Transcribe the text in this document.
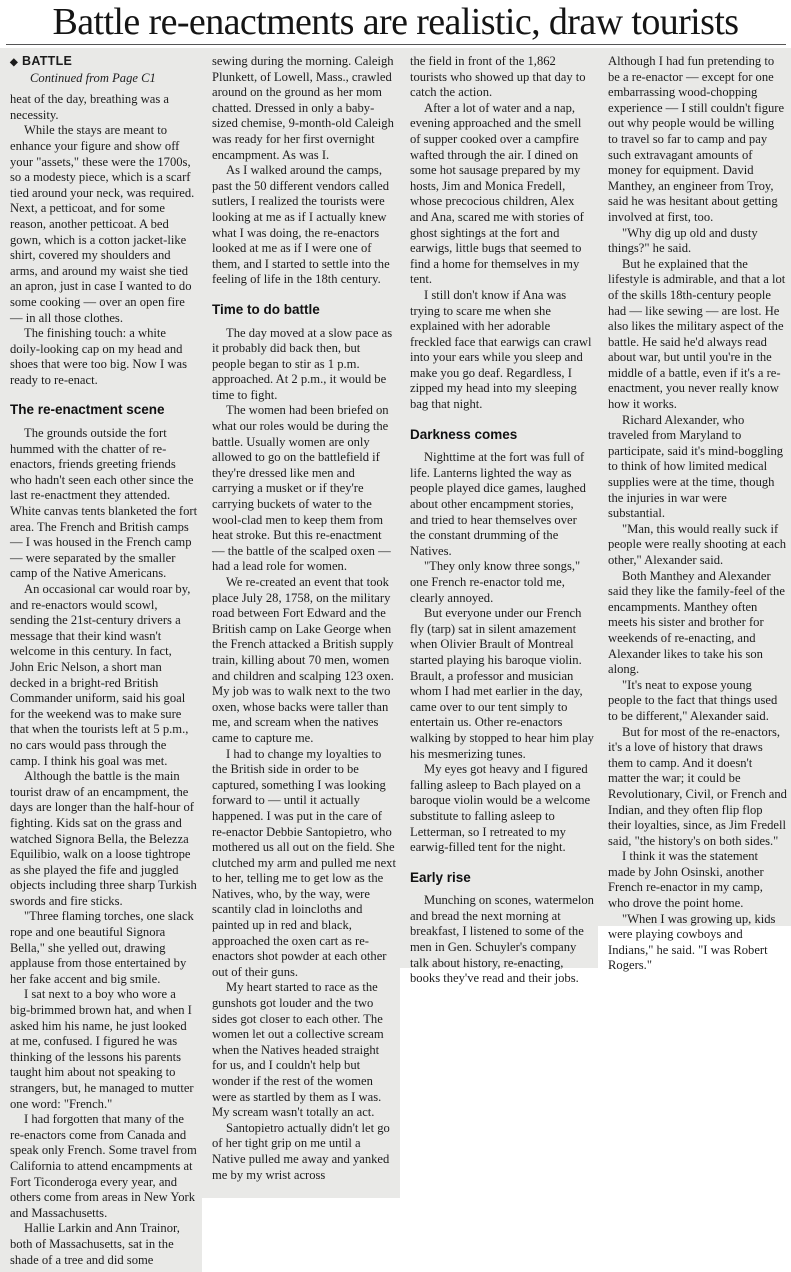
Battle re-enactments are realistic, draw tourists
◆ BATTLE
Continued from Page C1

heat of the day, breathing was a necessity.

While the stays are meant to enhance your figure and show off your "assets," these were the 1700s, so a modesty piece, which is a scarf tied around your neck, was required. Next, a petticoat, and for some reason, another petticoat. A bed gown, which is a cotton jacket-like shirt, covered my shoulders and arms, and around my waist she tied an apron, just in case I wanted to do some cooking — over an open fire — in all those clothes.

The finishing touch: a white doily-looking cap on my head and shoes that were too big. Now I was ready to re-enact.

The re-enactment scene

The grounds outside the fort hummed with the chatter of re-enactors, friends greeting friends who hadn't seen each other since the last re-enactment they attended. White canvas tents blanketed the fort area. The French and British camps — I was housed in the French camp — were separated by the smaller camp of the Native Americans.

An occasional car would roar by, and re-enactors would scowl, sending the 21st-century drivers a message that their kind wasn't welcome in this century. In fact, John Eric Nelson, a short man decked in a bright-red British Commander uniform, said his goal for the weekend was to make sure that when the tourists left at 5 p.m., no cars would pass through the camp. I think his goal was met.

Although the battle is the main tourist draw of an encampment, the days are longer than the half-hour of fighting. Kids sat on the grass and watched Signora Bella, the Belezza Equilibio, walk on a loose tightrope as she played the fife and juggled objects including three sharp Turkish swords and fire sticks.

"Three flaming torches, one slack rope and one beautiful Signora Bella," she yelled out, drawing applause from those entertained by her fake accent and big smile.

I sat next to a boy who wore a big-brimmed brown hat, and when I asked him his name, he just looked at me, confused. I figured he was thinking of the lessons his parents taught him about not speaking to strangers, but, he managed to mutter one word: "French."

I had forgotten that many of the re-enactors come from Canada and speak only French. Some travel from California to attend encampments at Fort Ticonderoga every year, and others come from areas in New York and Massachusetts.

Hallie Larkin and Ann Trainor, both of Massachusetts, sat in the shade of a tree and did some

sewing during the morning. Caleigh Plunkett, of Lowell, Mass., crawled around on the ground as her mom chatted. Dressed in only a baby-sized chemise, 9-month-old Caleigh was ready for her first overnight encampment. As was I.

As I walked around the camps, past the 50 different vendors called sutlers, I realized the tourists were looking at me as if I actually knew what I was doing, the re-enactors looked at me as if I were one of them, and I started to settle into the feeling of life in the 18th century.

Time to do battle

The day moved at a slow pace as it probably did back then, but people began to stir as 1 p.m. approached. At 2 p.m., it would be time to fight.

The women had been briefed on what our roles would be during the battle. Usually women are only allowed to go on the battlefield if they're dressed like men and carrying a musket or if they're carrying buckets of water to the wool-clad men to keep them from heat stroke. But this re-enactment — the battle of the scalped oxen — had a lead role for women.

We re-created an event that took place July 28, 1758, on the military road between Fort Edward and the British camp on Lake George when the French attacked a British supply train, killing about 70 men, women and children and scalping 123 oxen. My job was to walk next to the two oxen, whose backs were taller than me, and scream when the natives came to capture me.

I had to change my loyalties to the British side in order to be captured, something I was looking forward to — until it actually happened. I was put in the care of re-enactor Debbie Santopietro, who mothered us all out on the field. She clutched my arm and pulled me next to her, telling me to get low as the Natives, who, by the way, were scantily clad in loincloths and painted up in red and black, approached the oxen cart as re-enactors shot powder at each other out of their guns.

My heart started to race as the gunshots got louder and the two sides got closer to each other. The women let out a collective scream when the Natives headed straight for us, and I couldn't help but wonder if the rest of the women were as startled by them as I was. My scream wasn't totally an act.

Santopietro actually didn't let go of her tight grip on me until a Native pulled me away and yanked me by my wrist across

the field in front of the 1,862 tourists who showed up that day to catch the action.

After a lot of water and a nap, evening approached and the smell of supper cooked over a campfire wafted through the air. I dined on some hot sausage prepared by my hosts, Jim and Monica Fredell, whose precocious children, Alex and Ana, scared me with stories of ghost sightings at the fort and earwigs, little bugs that seemed to find a home for themselves in my tent.

I still don't know if Ana was trying to scare me when she explained with her adorable freckled face that earwigs can crawl into your ears while you sleep and make you go deaf. Regardless, I zipped my head into my sleeping bag that night.

Darkness comes

Nighttime at the fort was full of life. Lanterns lighted the way as people played dice games, laughed about other encampment stories, and tried to hear themselves over the constant drumming of the Natives.

"They only know three songs," one French re-enactor told me, clearly annoyed.

But everyone under our French fly (tarp) sat in silent amazement when Olivier Brault of Montreal started playing his baroque violin. Brault, a professor and musician whom I had met earlier in the day, came over to our tent simply to entertain us. Other re-enactors walking by stopped to hear him play his mesmerizing tunes.

My eyes got heavy and I figured falling asleep to Bach played on a baroque violin would be a welcome substitute to falling asleep to Letterman, so I retreated to my earwig-filled tent for the night.

Early rise

Munching on scones, watermelon and bread the next morning at breakfast, I listened to some of the men in Gen. Schuyler's company talk about history, re-enacting, books they've read and their jobs.

Although I had fun pretending to be a re-enactor — except for one embarrassing wood-chopping experience — I still couldn't figure out why people would be willing to travel so far to camp and pay such extravagant amounts of money for equipment. David Manthey, an engineer from Troy, said he was hesitant about getting involved at first, too.

"Why dig up old and dusty things?" he said.

But he explained that the lifestyle is admirable, and that a lot of the skills 18th-century people had — like sewing — are lost. He also likes the military aspect of the battle. He said he'd always read about war, but until you're in the middle of a battle, even if it's a re-enactment, you never really know how it works.

Richard Alexander, who traveled from Maryland to participate, said it's mind-boggling to think of how limited medical supplies were at the time, though the injuries in war were substantial.

"Man, this would really suck if people were really shooting at each other," Alexander said.

Both Manthey and Alexander said they like the family-feel of the encampments. Manthey often meets his sister and brother for weekends of re-enacting, and Alexander likes to take his son along.

"It's neat to expose young people to the fact that things used to be different," Alexander said.

But for most of the re-enactors, it's a love of history that draws them to camp. And it doesn't matter the war; it could be Revolutionary, Civil, or French and Indian, and they often flip flop their loyalties, since, as Jim Fredell said, "the history's on both sides."

I think it was the statement made by John Osinski, another French re-enactor in my camp, who drove the point home.

"When I was growing up, kids were playing cowboys and Indians," he said. "I was Robert Rogers."
